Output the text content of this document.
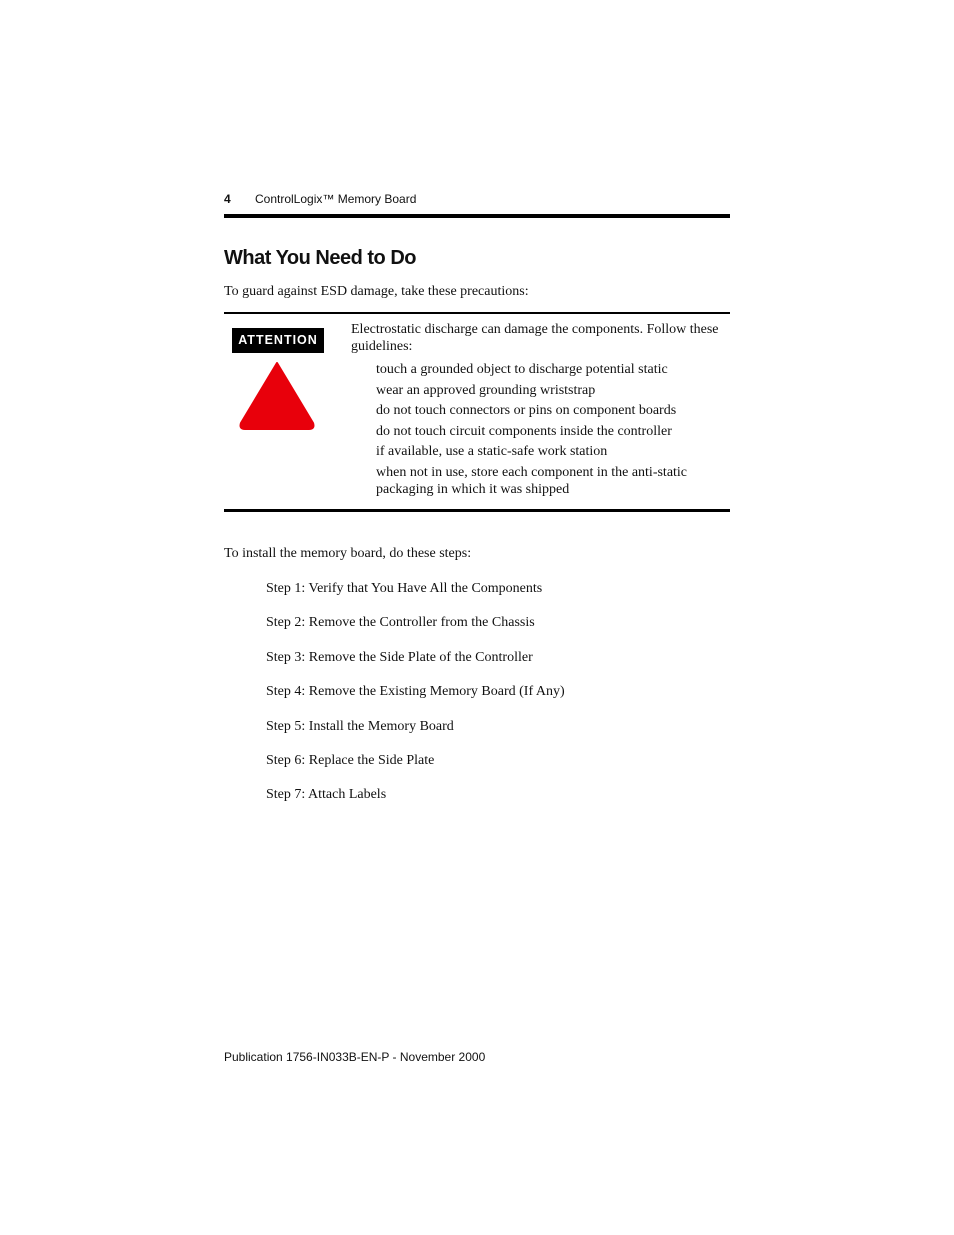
4 ControlLogix™ Memory Board
What You Need to Do
To guard against ESD damage, take these precautions:
ATTENTION
Electrostatic discharge can damage the components. Follow these guidelines:
touch a grounded object to discharge potential static
wear an approved grounding wriststrap
do not touch connectors or pins on component boards
do not touch circuit components inside the controller
if available, use a static-safe work station
when not in use, store each component in the anti-static packaging in which it was shipped
To install the memory board, do these steps:
Step 1: Verify that You Have All the Components
Step 2: Remove the Controller from the Chassis
Step 3: Remove the Side Plate of the Controller
Step 4: Remove the Existing Memory Board (If Any)
Step 5: Install the Memory Board
Step 6: Replace the Side Plate
Step 7: Attach Labels
Publication 1756-IN033B-EN-P - November 2000
